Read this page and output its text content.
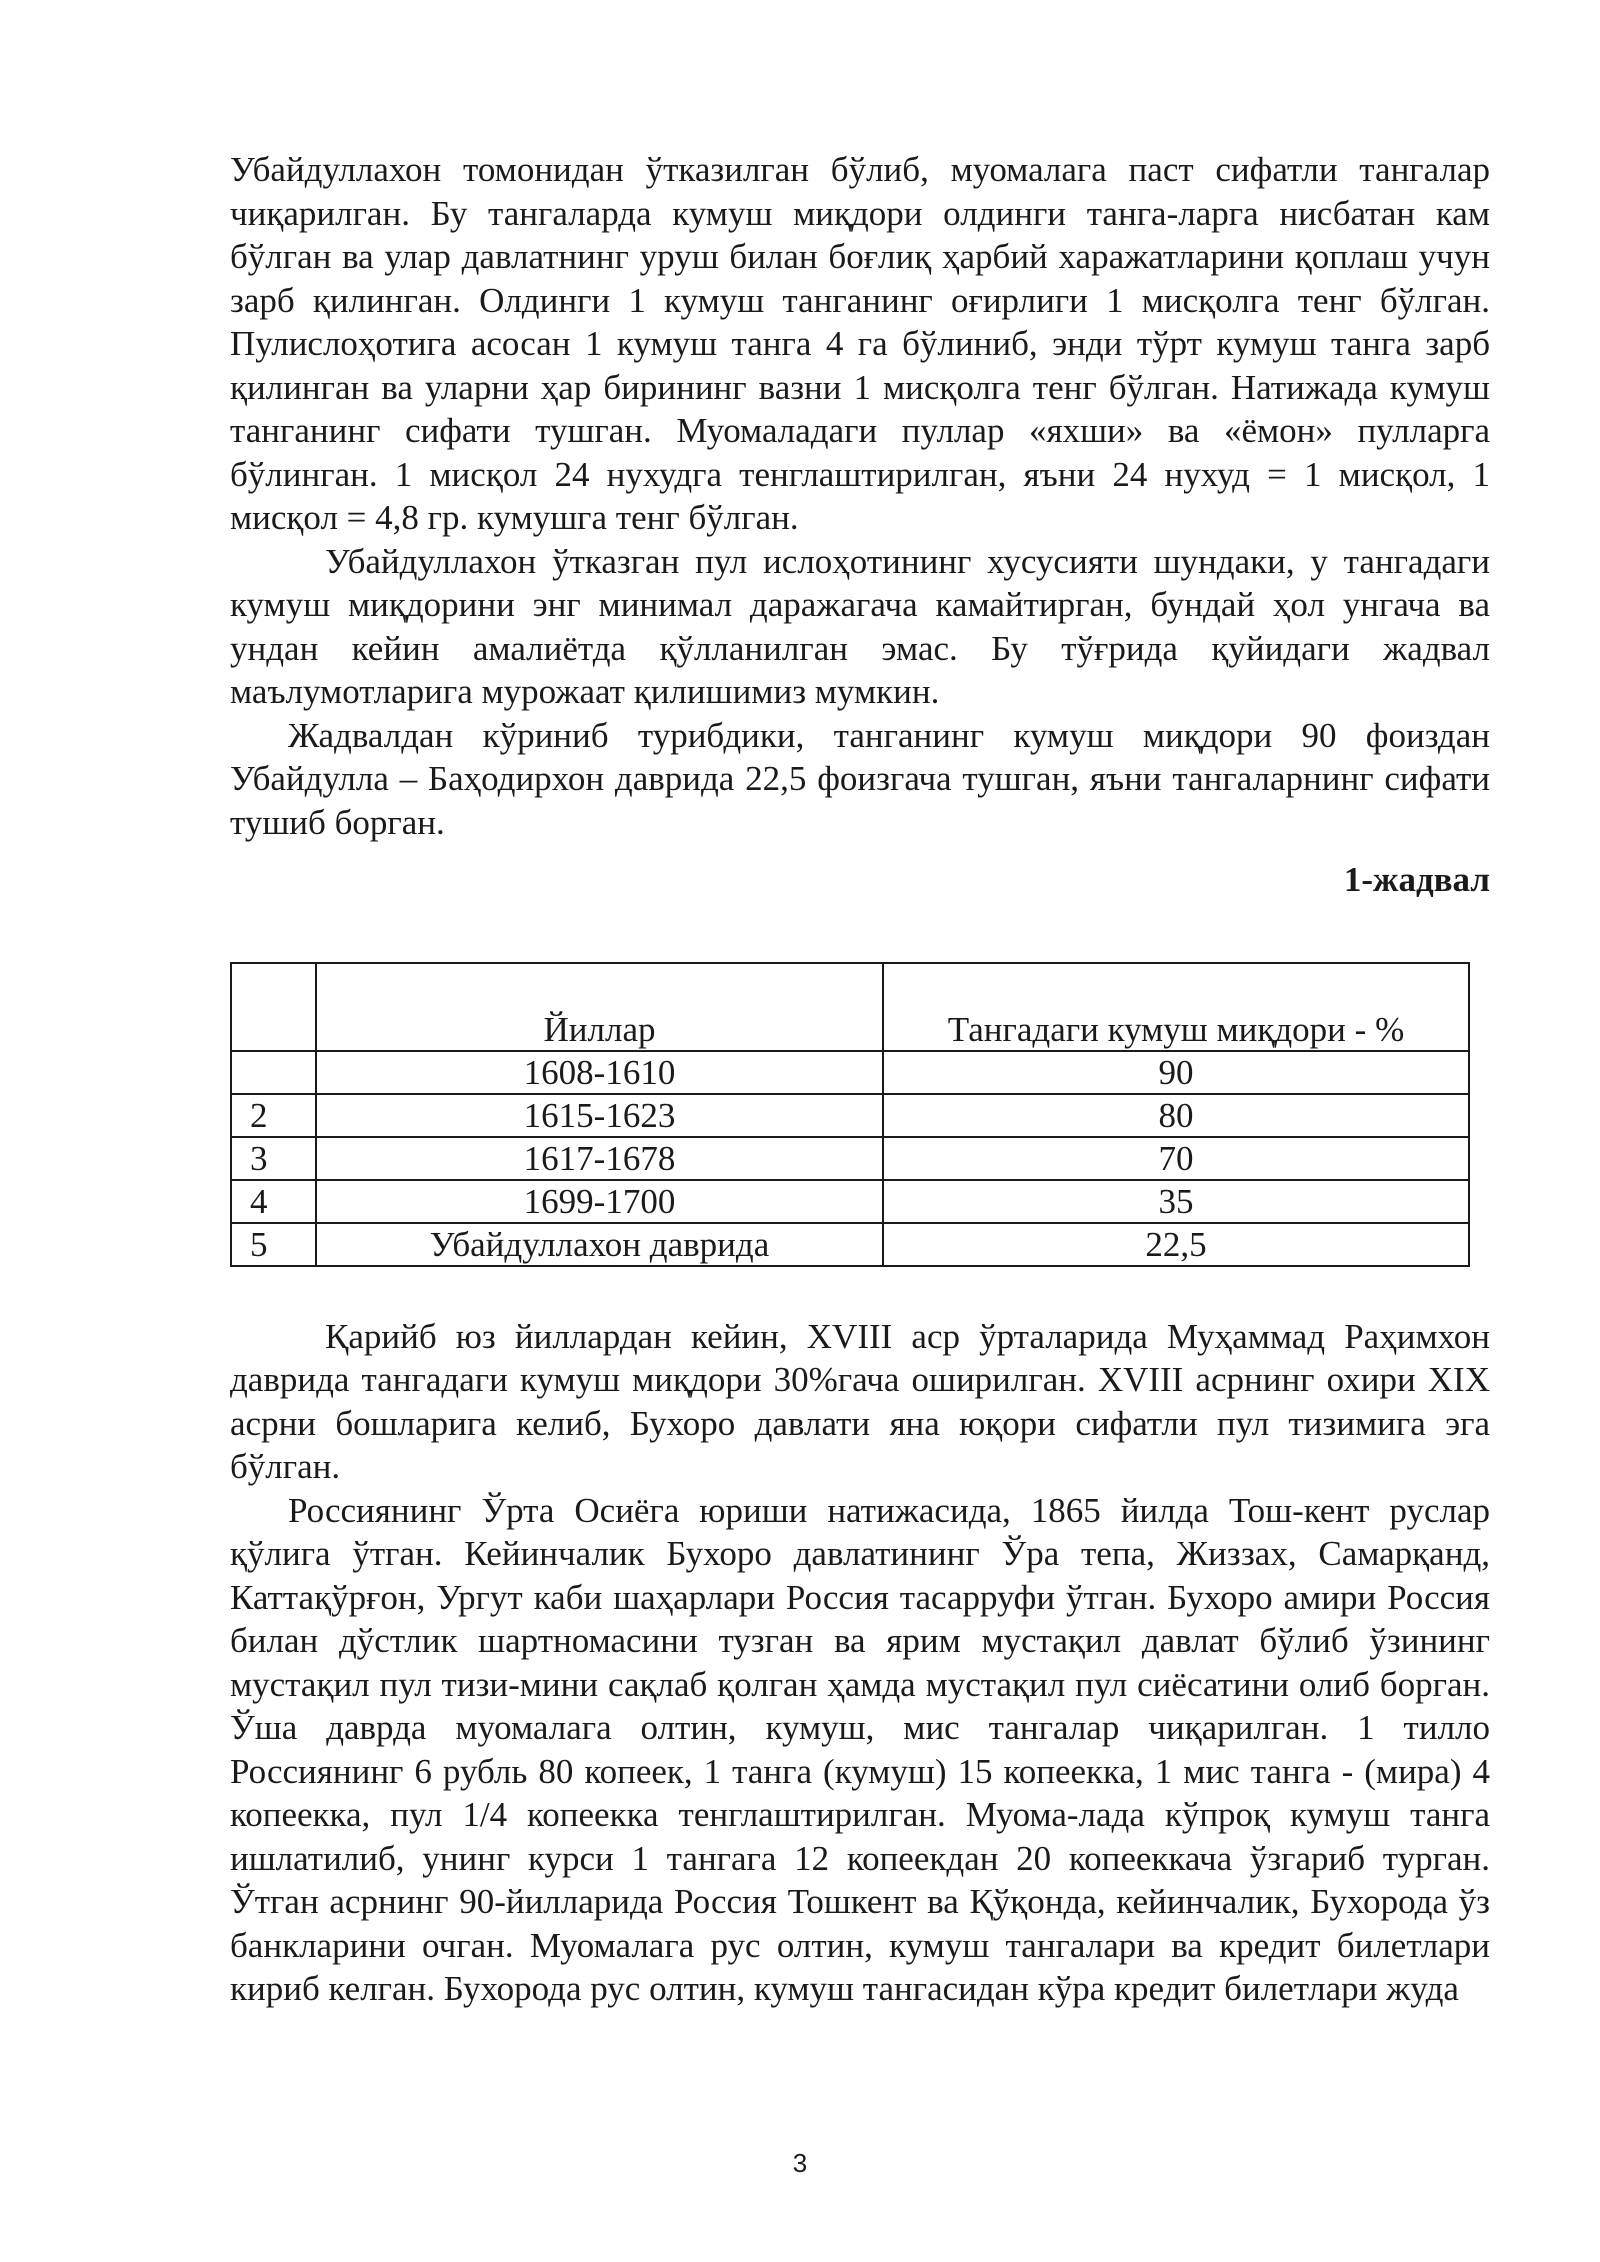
Убайдуллахон томонидан ўтказилган бўлиб, муомалага паст сифатли тангалар чиқарилган. Бу тангаларда кумуш миқдори олдинги танга-ларга нисбатан кам бўлган ва улар давлатнинг уруш билан боғлиқ ҳарбий харажатларини қоплаш учун зарб қилинган. Олдинги 1 кумуш танганинг оғирлиги 1 мисқолга тенг бўлган. Пулислоҳотига асосан 1 кумуш танга 4 га бўлиниб, энди тўрт кумуш танга зарб қилинган ва уларни ҳар бирининг вазни 1 мисқолга тенг бўлган. Натижада кумуш танганинг сифати тушган. Муомаладаги пуллар «яхши» ва «ёмон» пулларга бўлинган. 1 мисқол 24 нухудга тенглаштирилган, яъни 24 нухуд = 1 мисқол, 1 мисқол = 4,8 гр. кумушга тенг бўлган.

Убайдуллахон ўтказган пул ислоҳотининг хусусияти шундаки, у тангадаги кумуш миқдорини энг минимал даражагача камайтирган, бундай ҳол унгача ва ундан кейин амалиётда қўлланилган эмас. Бу тўғрида қуйидаги жадвал маълумотларига мурожаат қилишимиз мумкин.

Жадвалдан кўриниб турибдики, танганинг кумуш миқдори 90 фоиздан Убайдулла – Баҳодирхон даврида 22,5 фоизгача тушган, яъни тангаларнинг сифати тушиб борган.

1-жадвал

	Йиллар	Тангадаги кумуш миқдори - %
	1608-1610	90
2	1615-1623	80
3	1617-1678	70
4	1699-1700	35
5	Убайдуллахон даврида	22,5

Қарийб юз йиллардан кейин, XVIII аср ўрталарида Муҳаммад Раҳимхон даврида тангадаги кумуш миқдори 30%гача оширилган. XVIII асрнинг охири XIX асрни бошларига келиб, Бухоро давлати яна юқори сифатли пул тизимига эга бўлган.

Россиянинг Ўрта Осиёга юриши натижасида, 1865 йилда Тош-кент руслар қўлига ўтган. Кейинчалик Бухоро давлатининг Ўра тепа, Жиззах, Самарқанд, Каттақўрғон, Ургут каби шаҳарлари Россия тасарруфи ўтган. Бухоро амири Россия билан дўстлик шартномасини тузган ва ярим мустақил давлат бўлиб ўзининг мустақил пул тизи-мини сақлаб қолган ҳамда мустақил пул сиёсатини олиб борган. Ўша даврда муомалага олтин, кумуш, мис тангалар чиқарилган. 1 тилло Россиянинг 6 рубль 80 копеек, 1 танга (кумуш) 15 копеекка, 1 мис танга - (мира) 4 копеекка, пул 1/4 копеекка тенглаштирилган. Муома-лада кўпроқ кумуш танга ишлатилиб, унинг курси 1 тангага 12 копеекдан 20 копееккача ўзгариб турган. Ўтган асрнинг 90-йилларида Россия Тошкент ва Қўқонда, кейинчалик, Бухорода ўз банкларини очган. Муомалага рус олтин, кумуш тангалари ва кредит билетлари кириб келган. Бухорода рус олтин, кумуш тангасидан кўра кредит билетлари жуда

3
